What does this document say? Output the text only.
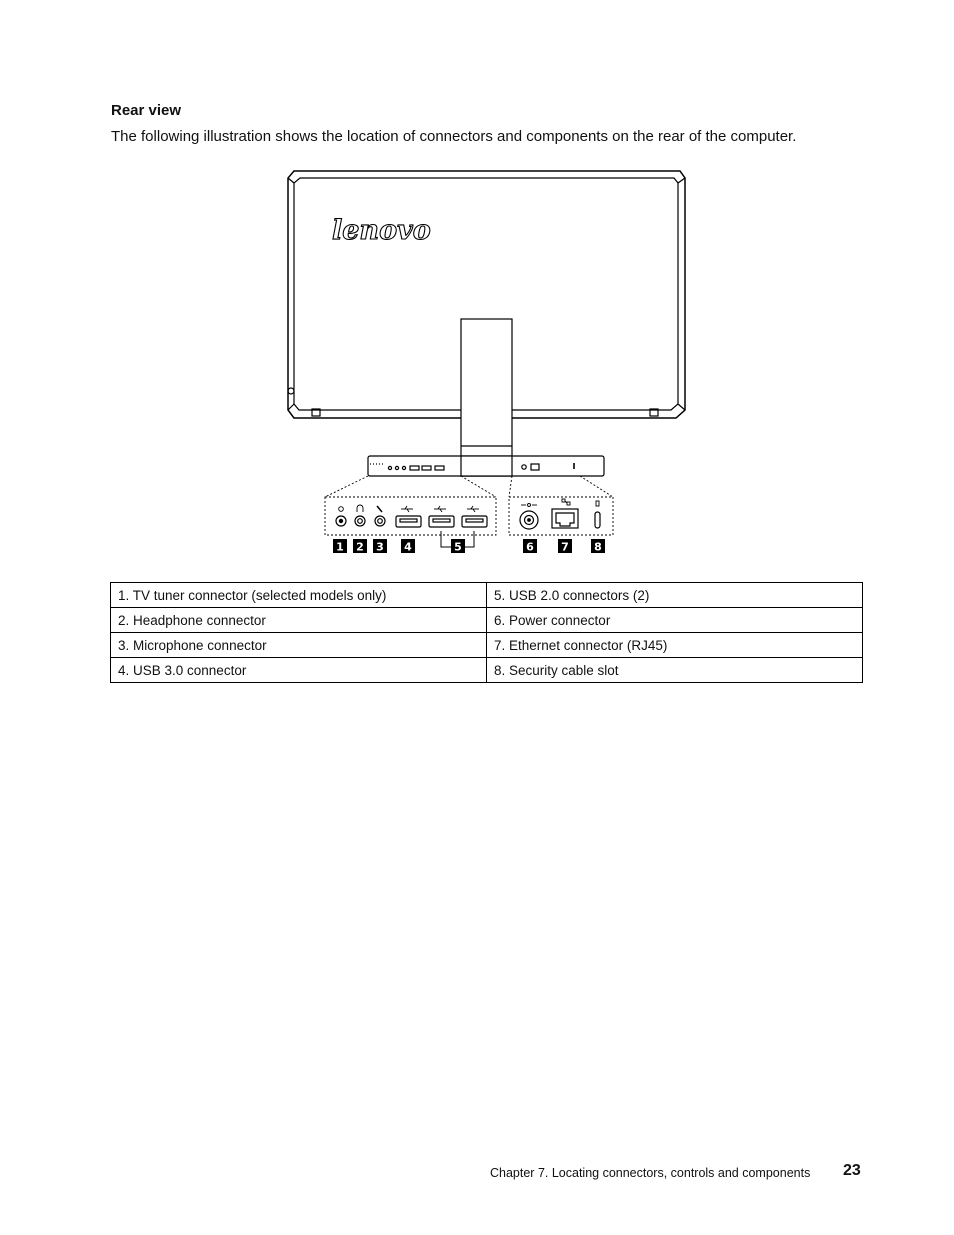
Rear view

The following illustration shows the location of connectors and components on the rear of the computer.

lenovo
1 2 3 4	5	6 7 8
1. TV tuner connector (selected models only)	5. USB 2.0 connectors (2)
2. Headphone connector	6. Power connector
3. Microphone connector	7. Ethernet connector (RJ45)
4. USB 3.0 connector	8. Security cable slot
Chapter 7. Locating connectors, controls and components 23
